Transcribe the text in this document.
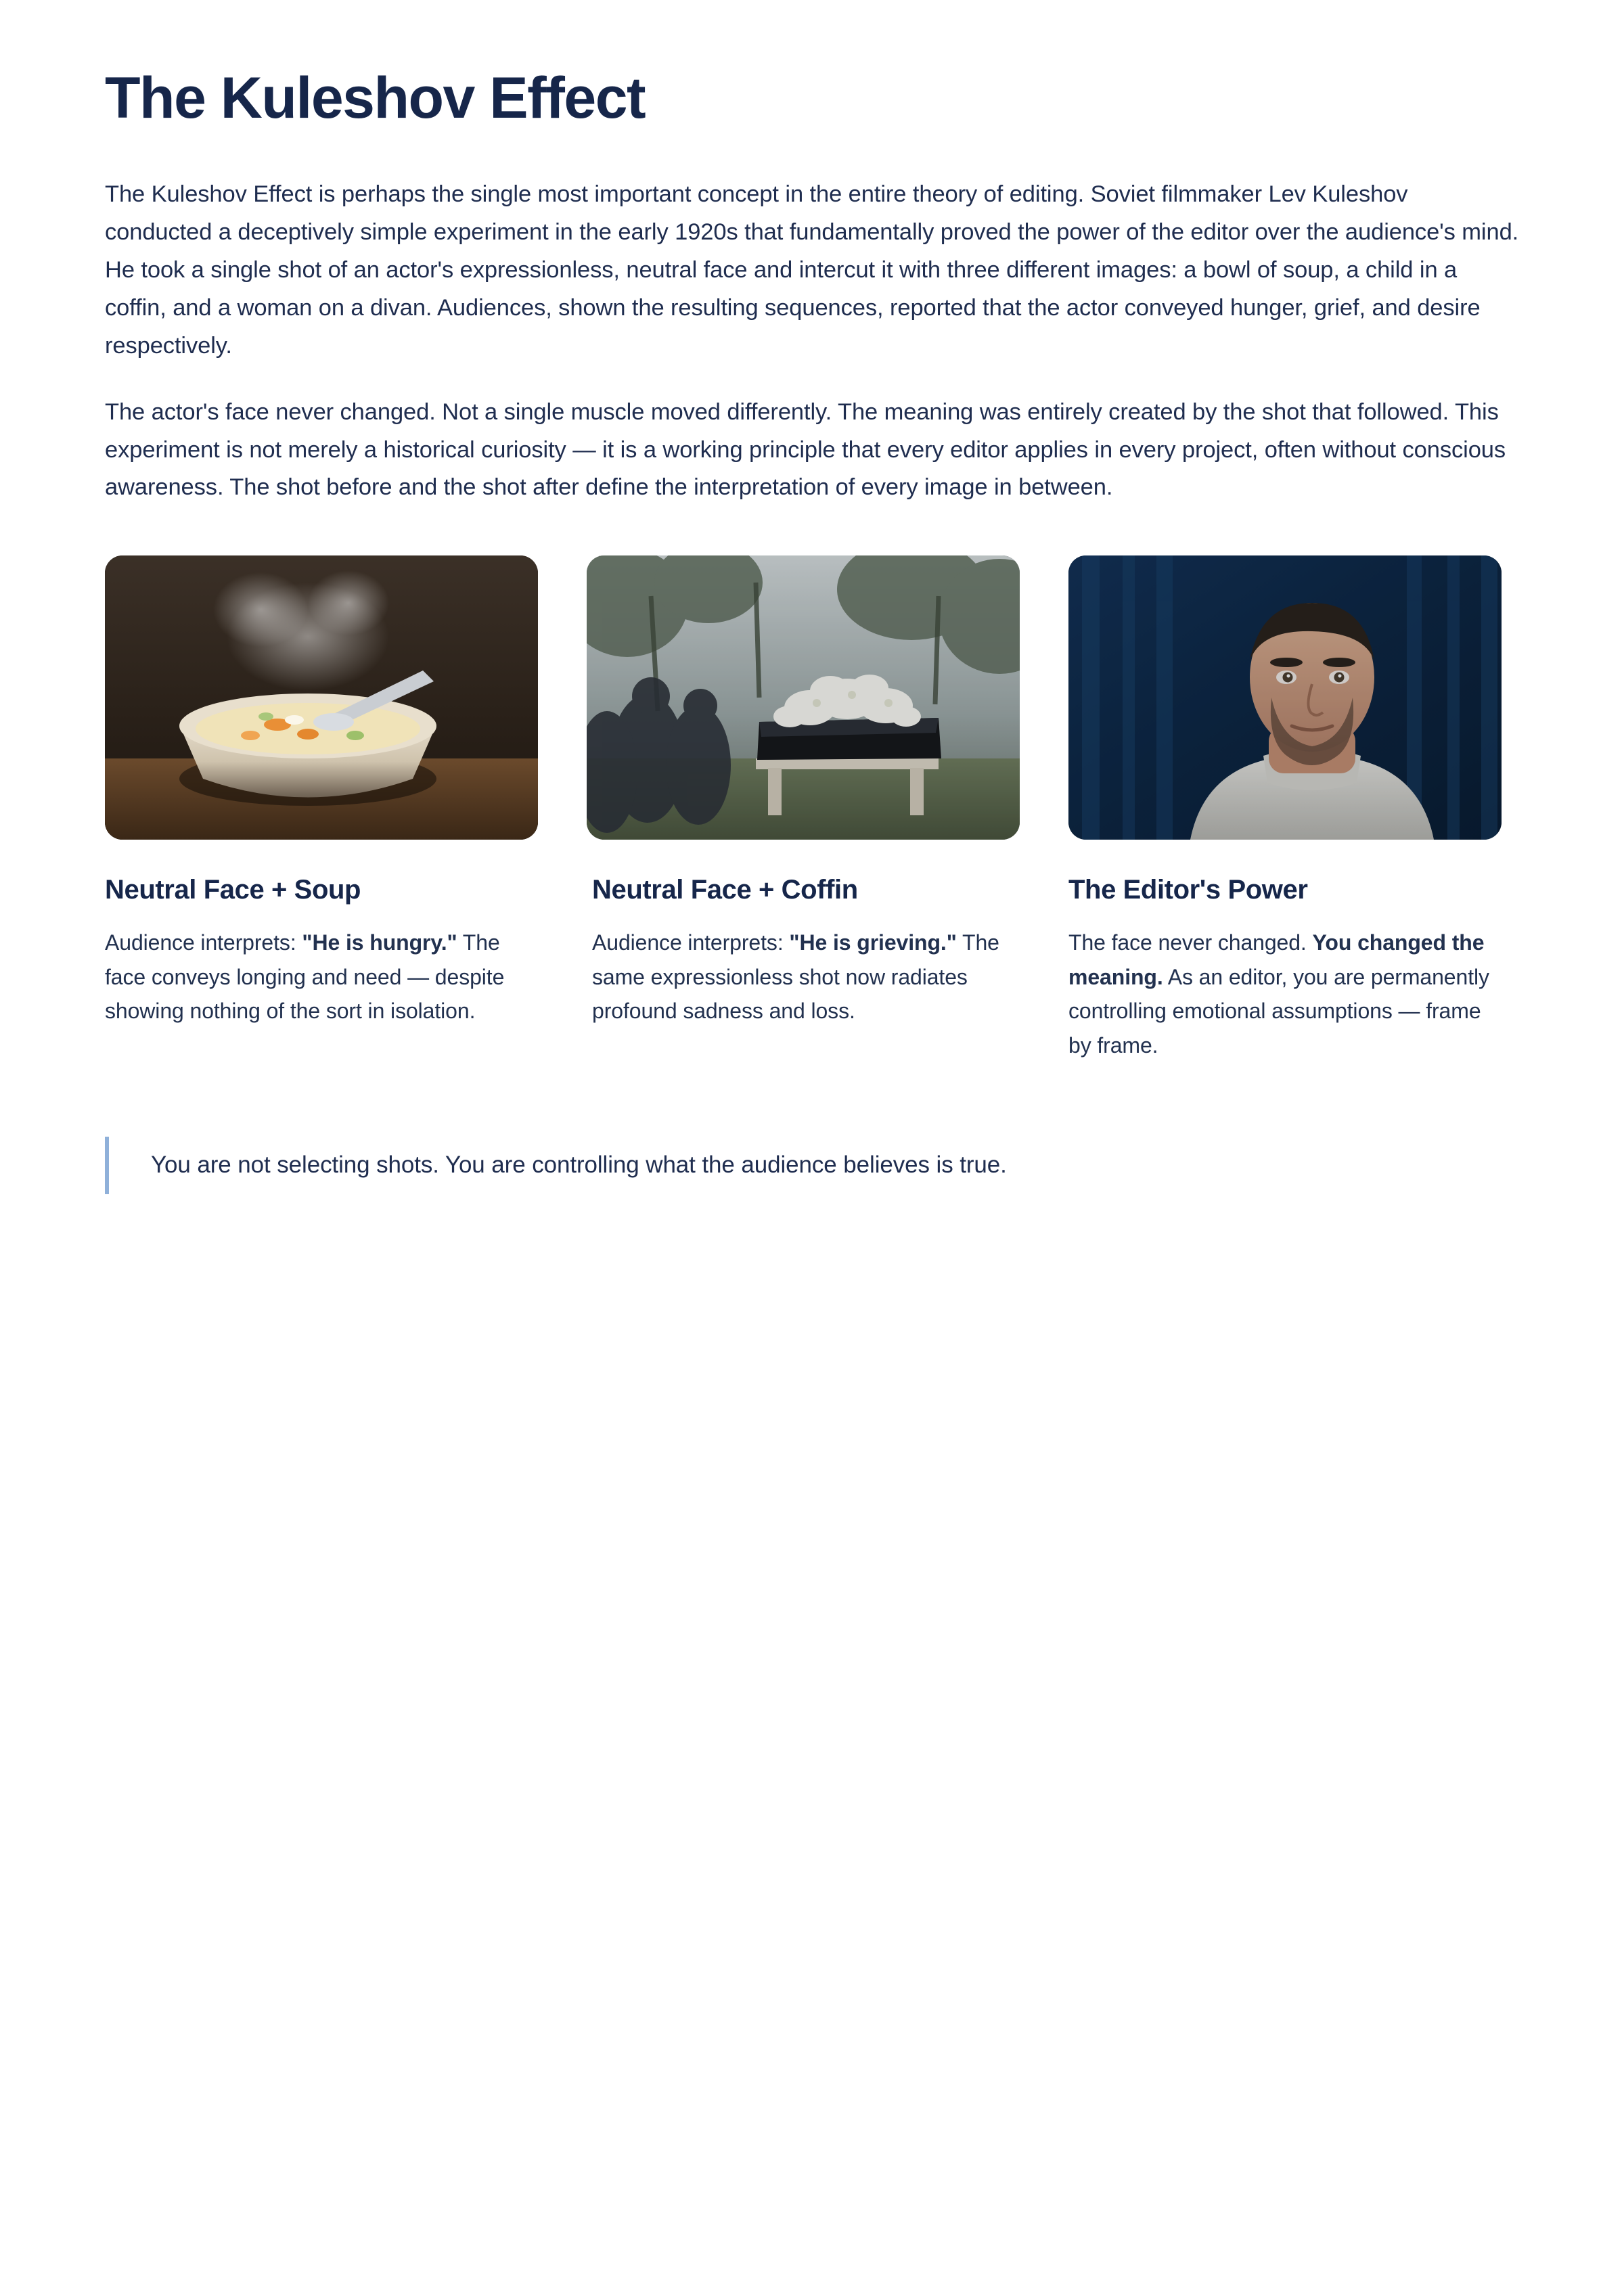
The Kuleshov Effect

The Kuleshov Effect is perhaps the single most important concept in the entire theory of editing. Soviet filmmaker Lev Kuleshov conducted a deceptively simple experiment in the early 1920s that fundamentally proved the power of the editor over the audience's mind. He took a single shot of an actor's expressionless, neutral face and intercut it with three different images: a bowl of soup, a child in a coffin, and a woman on a divan. Audiences, shown the resulting sequences, reported that the actor conveyed hunger, grief, and desire respectively.

The actor's face never changed. Not a single muscle moved differently. The meaning was entirely created by the shot that followed. This experiment is not merely a historical curiosity — it is a working principle that every editor applies in every project, often without conscious awareness. The shot before and the shot after define the interpretation of every image in between.

Neutral Face + Soup
Audience interprets: "He is hungry." The face conveys longing and need — despite showing nothing of the sort in isolation.
Neutral Face + Coffin
Audience interprets: "He is grieving." The same expressionless shot now radiates profound sadness and loss.
The Editor's Power
The face never changed. You changed the meaning. As an editor, you are permanently controlling emotional assumptions — frame by frame.

You are not selecting shots. You are controlling what the audience believes is true.
